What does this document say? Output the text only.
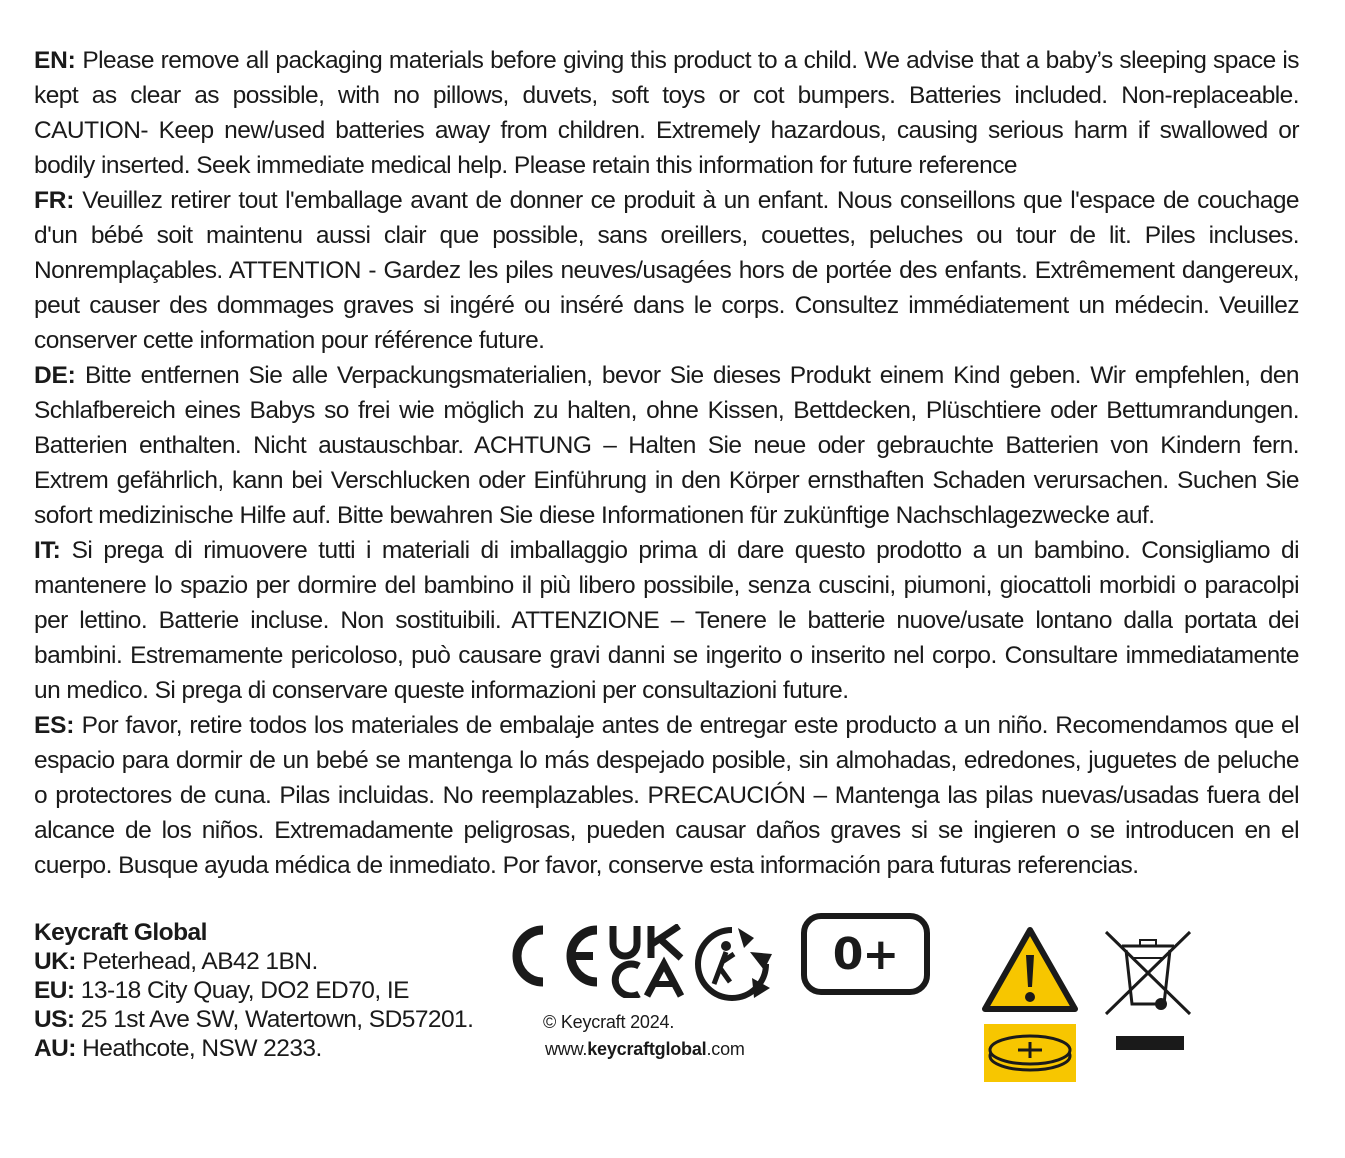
EN: Please remove all packaging materials before giving this product to a child. We advise that a baby’s sleeping space is kept as clear as possible, with no pillows, duvets, soft toys or cot bumpers. Batteries included. Non-replaceable. CAUTION- Keep new/used batteries away from children. Extremely hazardous, causing serious harm if swallowed or bodily inserted. Seek immediate medical help. Please retain this information for future reference

FR: Veuillez retirer tout l'emballage avant de donner ce produit à un enfant. Nous conseillons que l'espace de couchage d'un bébé soit maintenu aussi clair que possible, sans oreillers, couettes, peluches ou tour de lit. Piles incluses. Nonremplaçables. ATTENTION - Gardez les piles neuves/usagées hors de portée des enfants. Extrêmement dangereux, peut causer des dommages graves si ingéré ou inséré dans le corps. Consultez immédiatement un médecin. Veuillez conserver cette information pour référence future.

DE: Bitte entfernen Sie alle Verpackungsmaterialien, bevor Sie dieses Produkt einem Kind geben. Wir empfehlen, den Schlafbereich eines Babys so frei wie möglich zu halten, ohne Kissen, Bettdecken, Plüschtiere oder Bettumrandungen. Batterien enthalten. Nicht austauschbar. ACHTUNG – Halten Sie neue oder gebrauchte Batterien von Kindern fern. Extrem gefährlich, kann bei Verschlucken oder Einführung in den Körper ernsthaften Schaden verursachen. Suchen Sie sofort medizinische Hilfe auf. Bitte bewahren Sie diese Informationen für zukünftige Nachschlagezwecke auf.

IT: Si prega di rimuovere tutti i materiali di imballaggio prima di dare questo prodotto a un bambino. Consigliamo di mantenere lo spazio per dormire del bambino il più libero possibile, senza cuscini, piumoni, giocattoli morbidi o paracolpi per lettino. Batterie incluse. Non sostituibili. ATTENZIONE – Tenere le batterie nuove/usate lontano dalla portata dei bambini. Estremamente pericoloso, può causare gravi danni se ingerito o inserito nel corpo. Consultare immediatamente un medico. Si prega di conservare queste informazioni per consultazioni future.

ES: Por favor, retire todos los materiales de embalaje antes de entregar este producto a un niño. Recomendamos que el espacio para dormir de un bebé se mantenga lo más despejado posible, sin almohadas, edredones, juguetes de peluche o protectores de cuna. Pilas incluidas. No reemplazables. PRECAUCIÓN – Mantenga las pilas nuevas/usadas fuera del alcance de los niños. Extremadamente peligrosas, pueden causar daños graves si se ingieren o se introducen en el cuerpo. Busque ayuda médica de inmediato. Por favor, conserve esta información para futuras referencias.

Keycraft Global
UK: Peterhead, AB42 1BN.
EU: 13-18 City Quay, DO2 ED70, IE
US: 25 1st Ave SW, Watertown, SD57201.
AU: Heathcote, NSW 2233.
© Keycraft 2024.
www.keycraftglobal.com
0+
